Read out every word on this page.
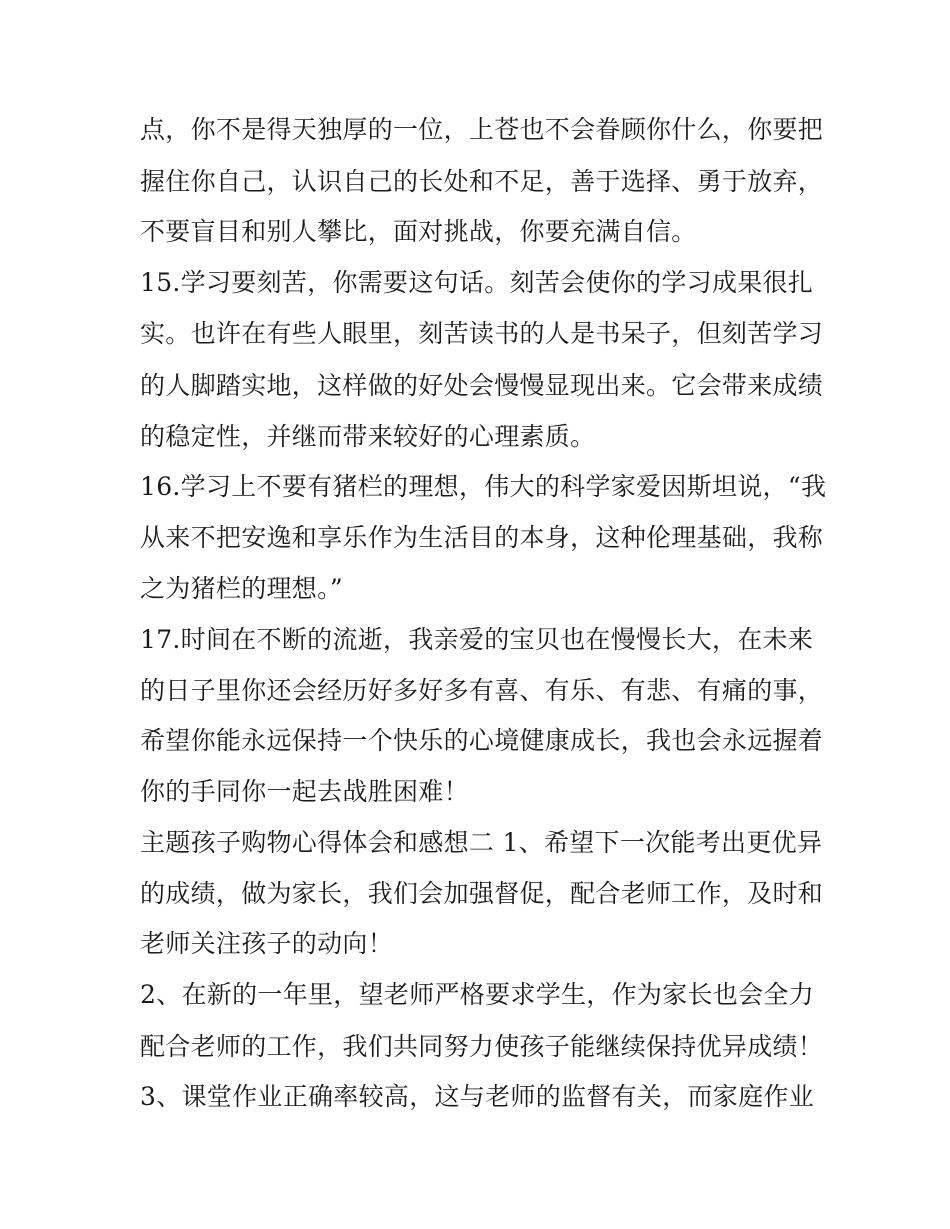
点，你不是得天独厚的一位，上苍也不会眷顾你什么，你要把
握住你自己，认识自己的长处和不足，善于选择、勇于放弃，
不要盲目和别人攀比，面对挑战，你要充满自信。
15.学习要刻苦，你需要这句话。刻苦会使你的学习成果很扎
实。也许在有些人眼里，刻苦读书的人是书呆子，但刻苦学习
的人脚踏实地，这样做的好处会慢慢显现出来。它会带来成绩
的稳定性，并继而带来较好的心理素质。
16.学习上不要有猪栏的理想，伟大的科学家爱因斯坦说，“我
从来不把安逸和享乐作为生活目的本身，这种伦理基础，我称
之为猪栏的理想。”
17.时间在不断的流逝，我亲爱的宝贝也在慢慢长大，在未来
的日子里你还会经历好多好多有喜、有乐、有悲、有痛的事，
希望你能永远保持一个快乐的心境健康成长，我也会永远握着
你的手同你一起去战胜困难！
主题孩子购物心得体会和感想二 1、希望下一次能考出更优异
的成绩，做为家长，我们会加强督促，配合老师工作，及时和
老师关注孩子的动向！
2、在新的一年里，望老师严格要求学生，作为家长也会全力
配合老师的工作，我们共同努力使孩子能继续保持优异成绩！
3、课堂作业正确率较高，这与老师的监督有关，而家庭作业
